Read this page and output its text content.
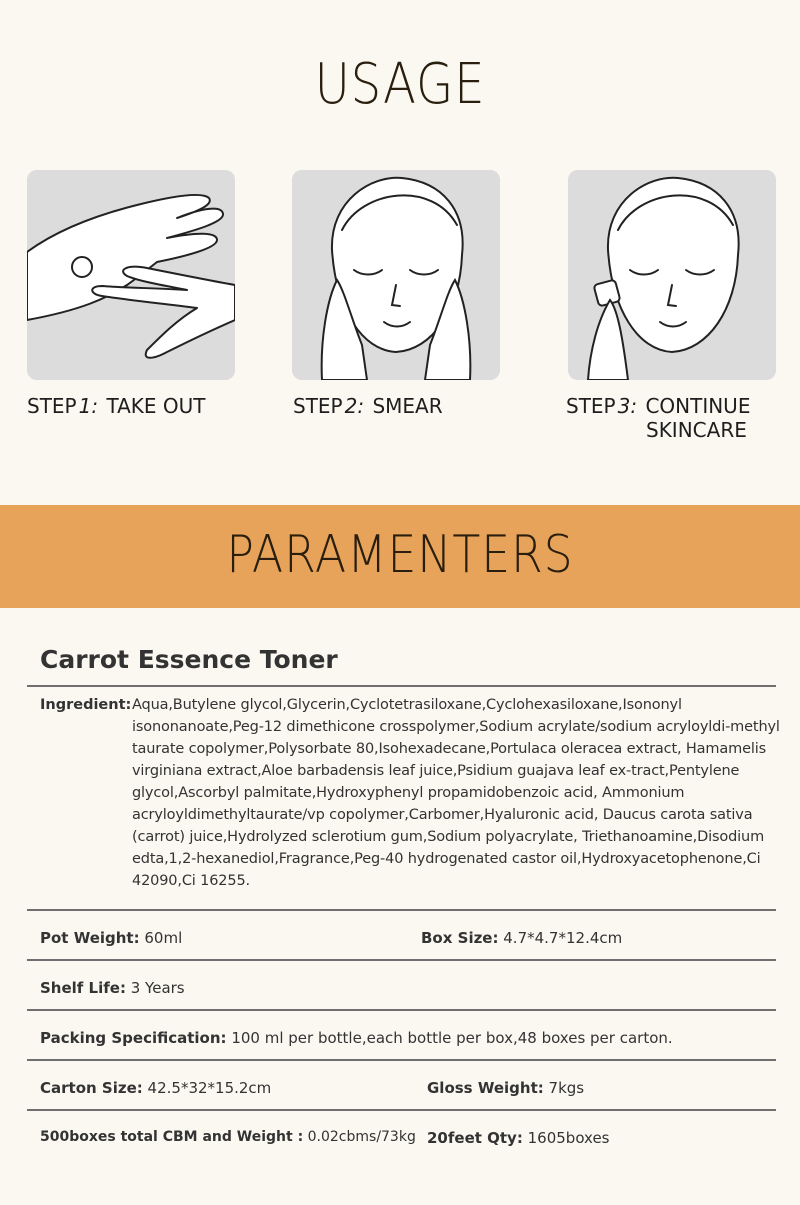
USAGE
STEP 1: TAKE OUT	STEP 2: SMEAR	STEP 3: CONTINUE
SKINCARE
PARAMENTERS
Carrot Essence Toner
Ingredient: Aqua,Butylene glycol,Glycerin,Cyclotetrasiloxane,Cyclohexasiloxane,Isononyl isononanoate,Peg-12 dimethicone crosspolymer,Sodium acrylate/sodium acryloyldi-methyl taurate copolymer,Polysorbate 80,Isohexadecane,Portulaca oleracea extract, Hamamelis virginiana extract,Aloe barbadensis leaf juice,Psidium guajava leaf ex-tract,Pentylene glycol,Ascorbyl palmitate,Hydroxyphenyl propamidobenzoic acid, Ammonium acryloyldimethyltaurate/vp copolymer,Carbomer,Hyaluronic acid, Daucus carota sativa (carrot) juice,Hydrolyzed sclerotium gum,Sodium polyacrylate, Triethanoamine,Disodium edta,1,2-hexanediol,Fragrance,Peg-40 hydrogenated castor oil,Hydroxyacetophenone,Ci 42090,Ci 16255.
Pot Weight: 60ml	Box Size: 4.7*4.7*12.4cm
Shelf Life: 3 Years
Packing Specification: 100 ml per bottle,each bottle per box,48 boxes per carton.
Carton Size: 42.5*32*15.2cm	Gloss Weight: 7kgs
500boxes total CBM and Weight : 0.02cbms/73kg 20feet Qty: 1605boxes
